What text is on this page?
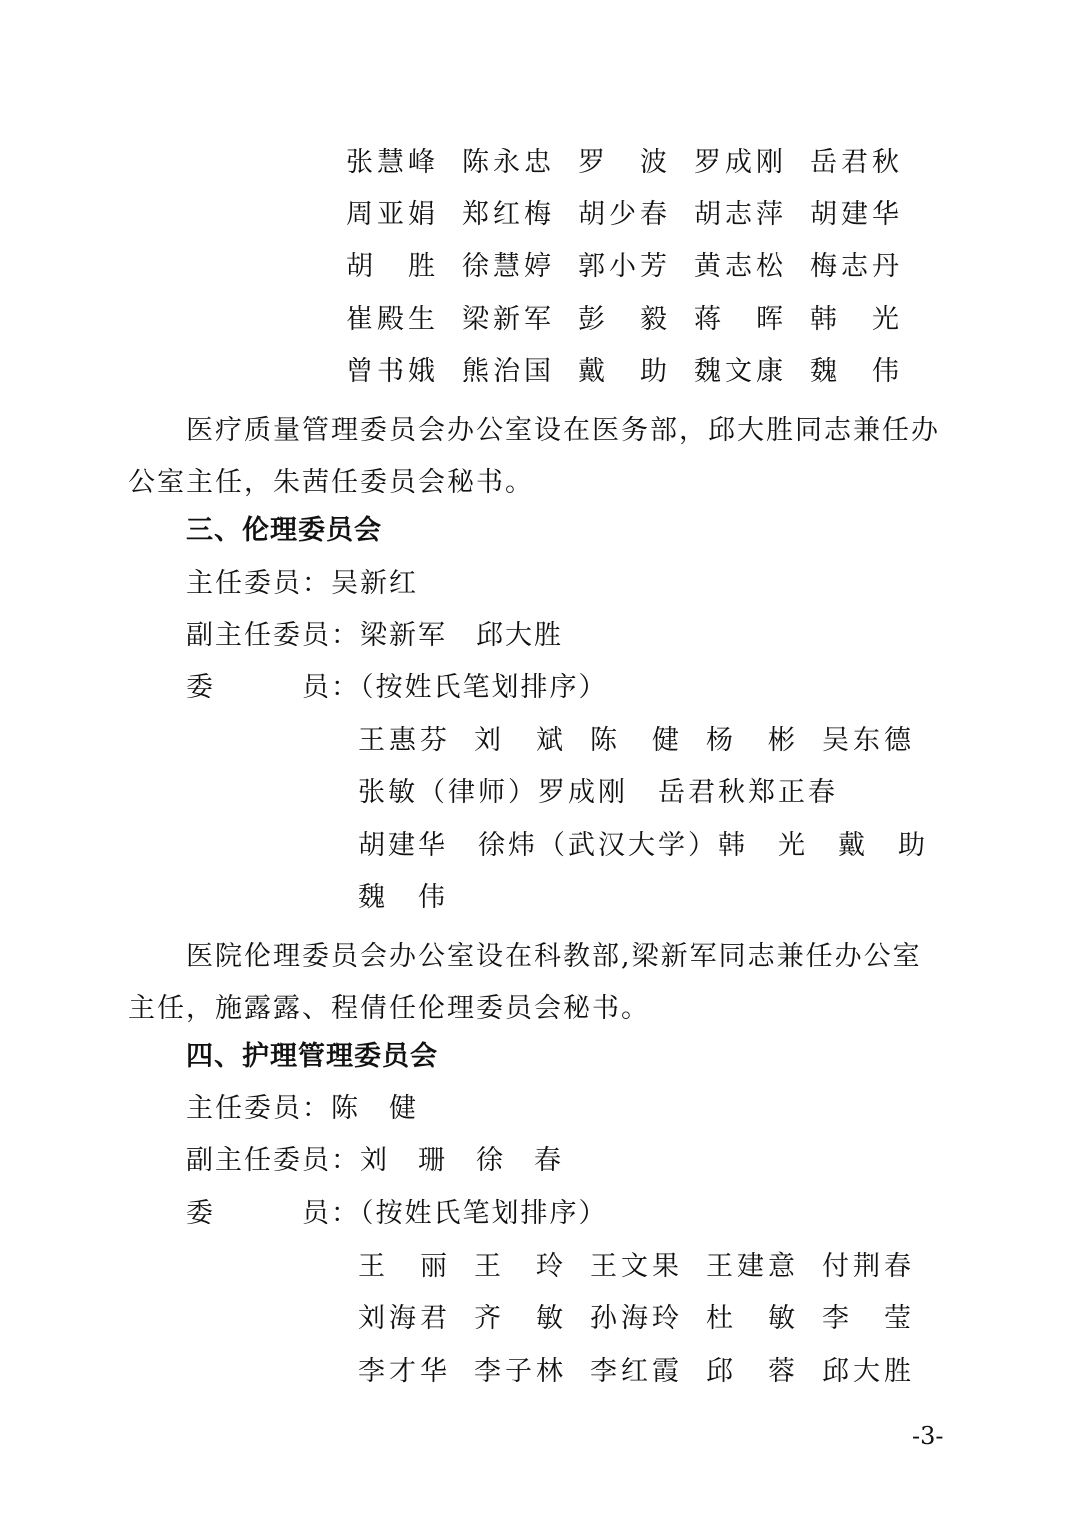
张慧峰 陈永忠 罗　波 罗成刚 岳君秋
周亚娟 郑红梅 胡少春 胡志萍 胡建华
胡　胜 徐慧婷 郭小芳 黄志松 梅志丹
崔殿生 梁新军 彭　毅 蒋　晖 韩　光
曾书娥 熊治国 戴　助 魏文康 魏　伟
医疗质量管理委员会办公室设在医务部，邱大胜同志兼任办
公室主任，朱茜任委员会秘书。
三、伦理委员会
主任委员：吴新红
副主任委员：梁新军　邱大胜
委	员：（按姓氏笔划排序）
王惠芬 刘　斌 陈　健 杨　彬 吴东德
张敏（律师）罗成刚　岳君秋郑正春
胡建华　徐炜（武汉大学）韩　光　戴　助
魏　伟
医院伦理委员会办公室设在科教部,梁新军同志兼任办公室
主任，施露露、程倩任伦理委员会秘书。
四、护理管理委员会
主任委员：陈　健
副主任委员：刘　珊　徐　春
委	员：（按姓氏笔划排序）
王　丽 王　玲 王文果 王建意 付荆春
刘海君 齐　敏 孙海玲 杜　敏 李　莹
李才华 李子林 李红霞 邱　蓉 邱大胜
-3-
